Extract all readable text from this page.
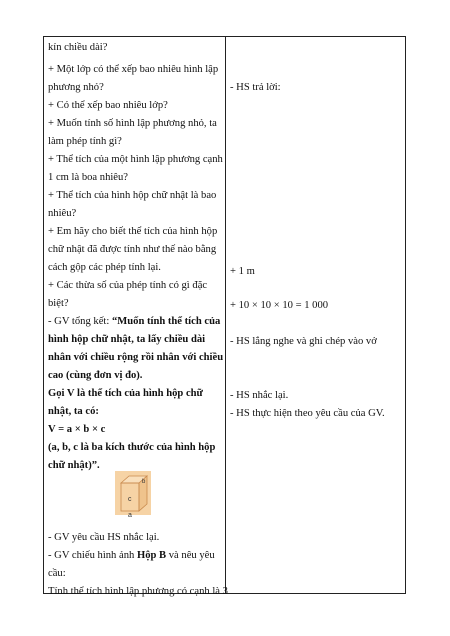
kín chiều dài?
+ Một lớp có thể xếp bao nhiêu hình lập
phương nhỏ?
+ Có thể xếp bao nhiêu lớp?
+ Muốn tính số hình lập phương nhỏ, ta
làm phép tính gì?
+ Thể tích của một hình lập phương cạnh
1 cm là boa nhiêu?
+ Thể tích của hình hộp chữ nhật là bao
nhiêu?
+ Em hãy cho biết thể tích của hình hộp
chữ nhật đã được tính như thế nào bằng
cách gộp các phép tính lại.
+ Các thừa số của phép tính có gì đặc
biệt?
- GV tổng kết: “Muốn tính thể tích của
hình hộp chữ nhật, ta lấy chiều dài
nhân với chiều rộng rồi nhân với chiều
cao (cùng đơn vị đo).
Gọi V là thể tích của hình hộp chữ
nhật, ta có:
V = a × b × c
(a, b, c là ba kích thước của hình hộp
chữ nhật)”.
c
b
a
- GV yêu cầu HS nhắc lại.
- GV chiếu hình ảnh Hộp B và nêu yêu
cầu:
Tính thể tích hình lập phương có cạnh là 3
- HS trả lời:
+ 1 m
+ 10 × 10 × 10 = 1 000
- HS lắng nghe và ghi chép vào vở
- HS nhắc lại.
- HS thực hiện theo yêu cầu của GV.
